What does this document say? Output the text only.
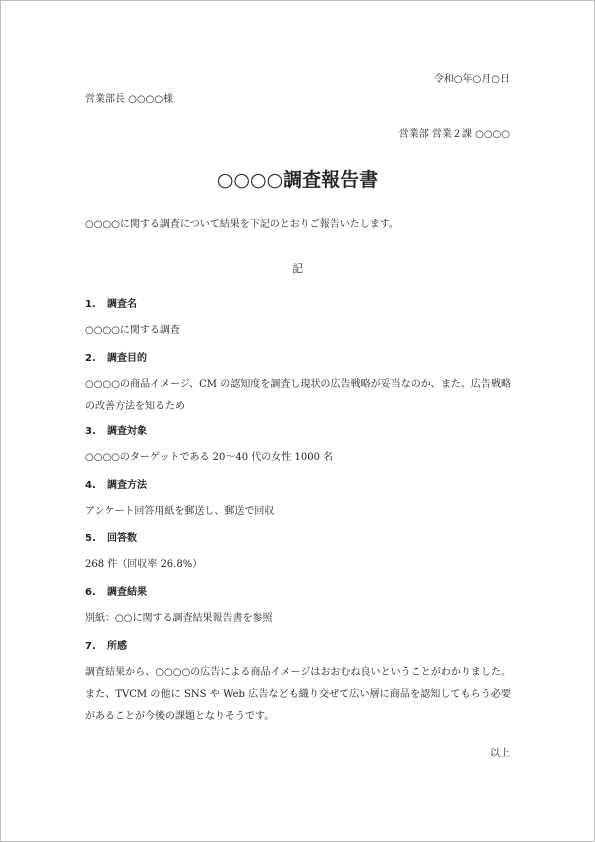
令和○年○月○日
営業部長 ○○○○様
営業部 営業２課 ○○○○
○○○○調査報告書
○○○○に関する調査について結果を下記のとおりご報告いたします。
記
1. 調査名
○○○○に関する調査
2. 調査目的
○○○○の商品イメージ、CM の認知度を調査し現状の広告戦略が妥当なのか、また、広告戦略の改善方法を知るため
3. 調査対象
○○○○のターゲットである 20～40 代の女性 1000 名
4. 調査方法
アンケート回答用紙を郵送し、郵送で回収
5. 回答数
268 件（回収率 26.8%）
6. 調査結果
別紙：○○に関する調査結果報告書を参照
7. 所感
調査結果から、○○○○の広告による商品イメージはおおむね良いということがわかりました。また、TVCM の他に SNS や Web 広告なども織り交ぜて広い層に商品を認知してもらう必要があることが今後の課題となりそうです。
以上
